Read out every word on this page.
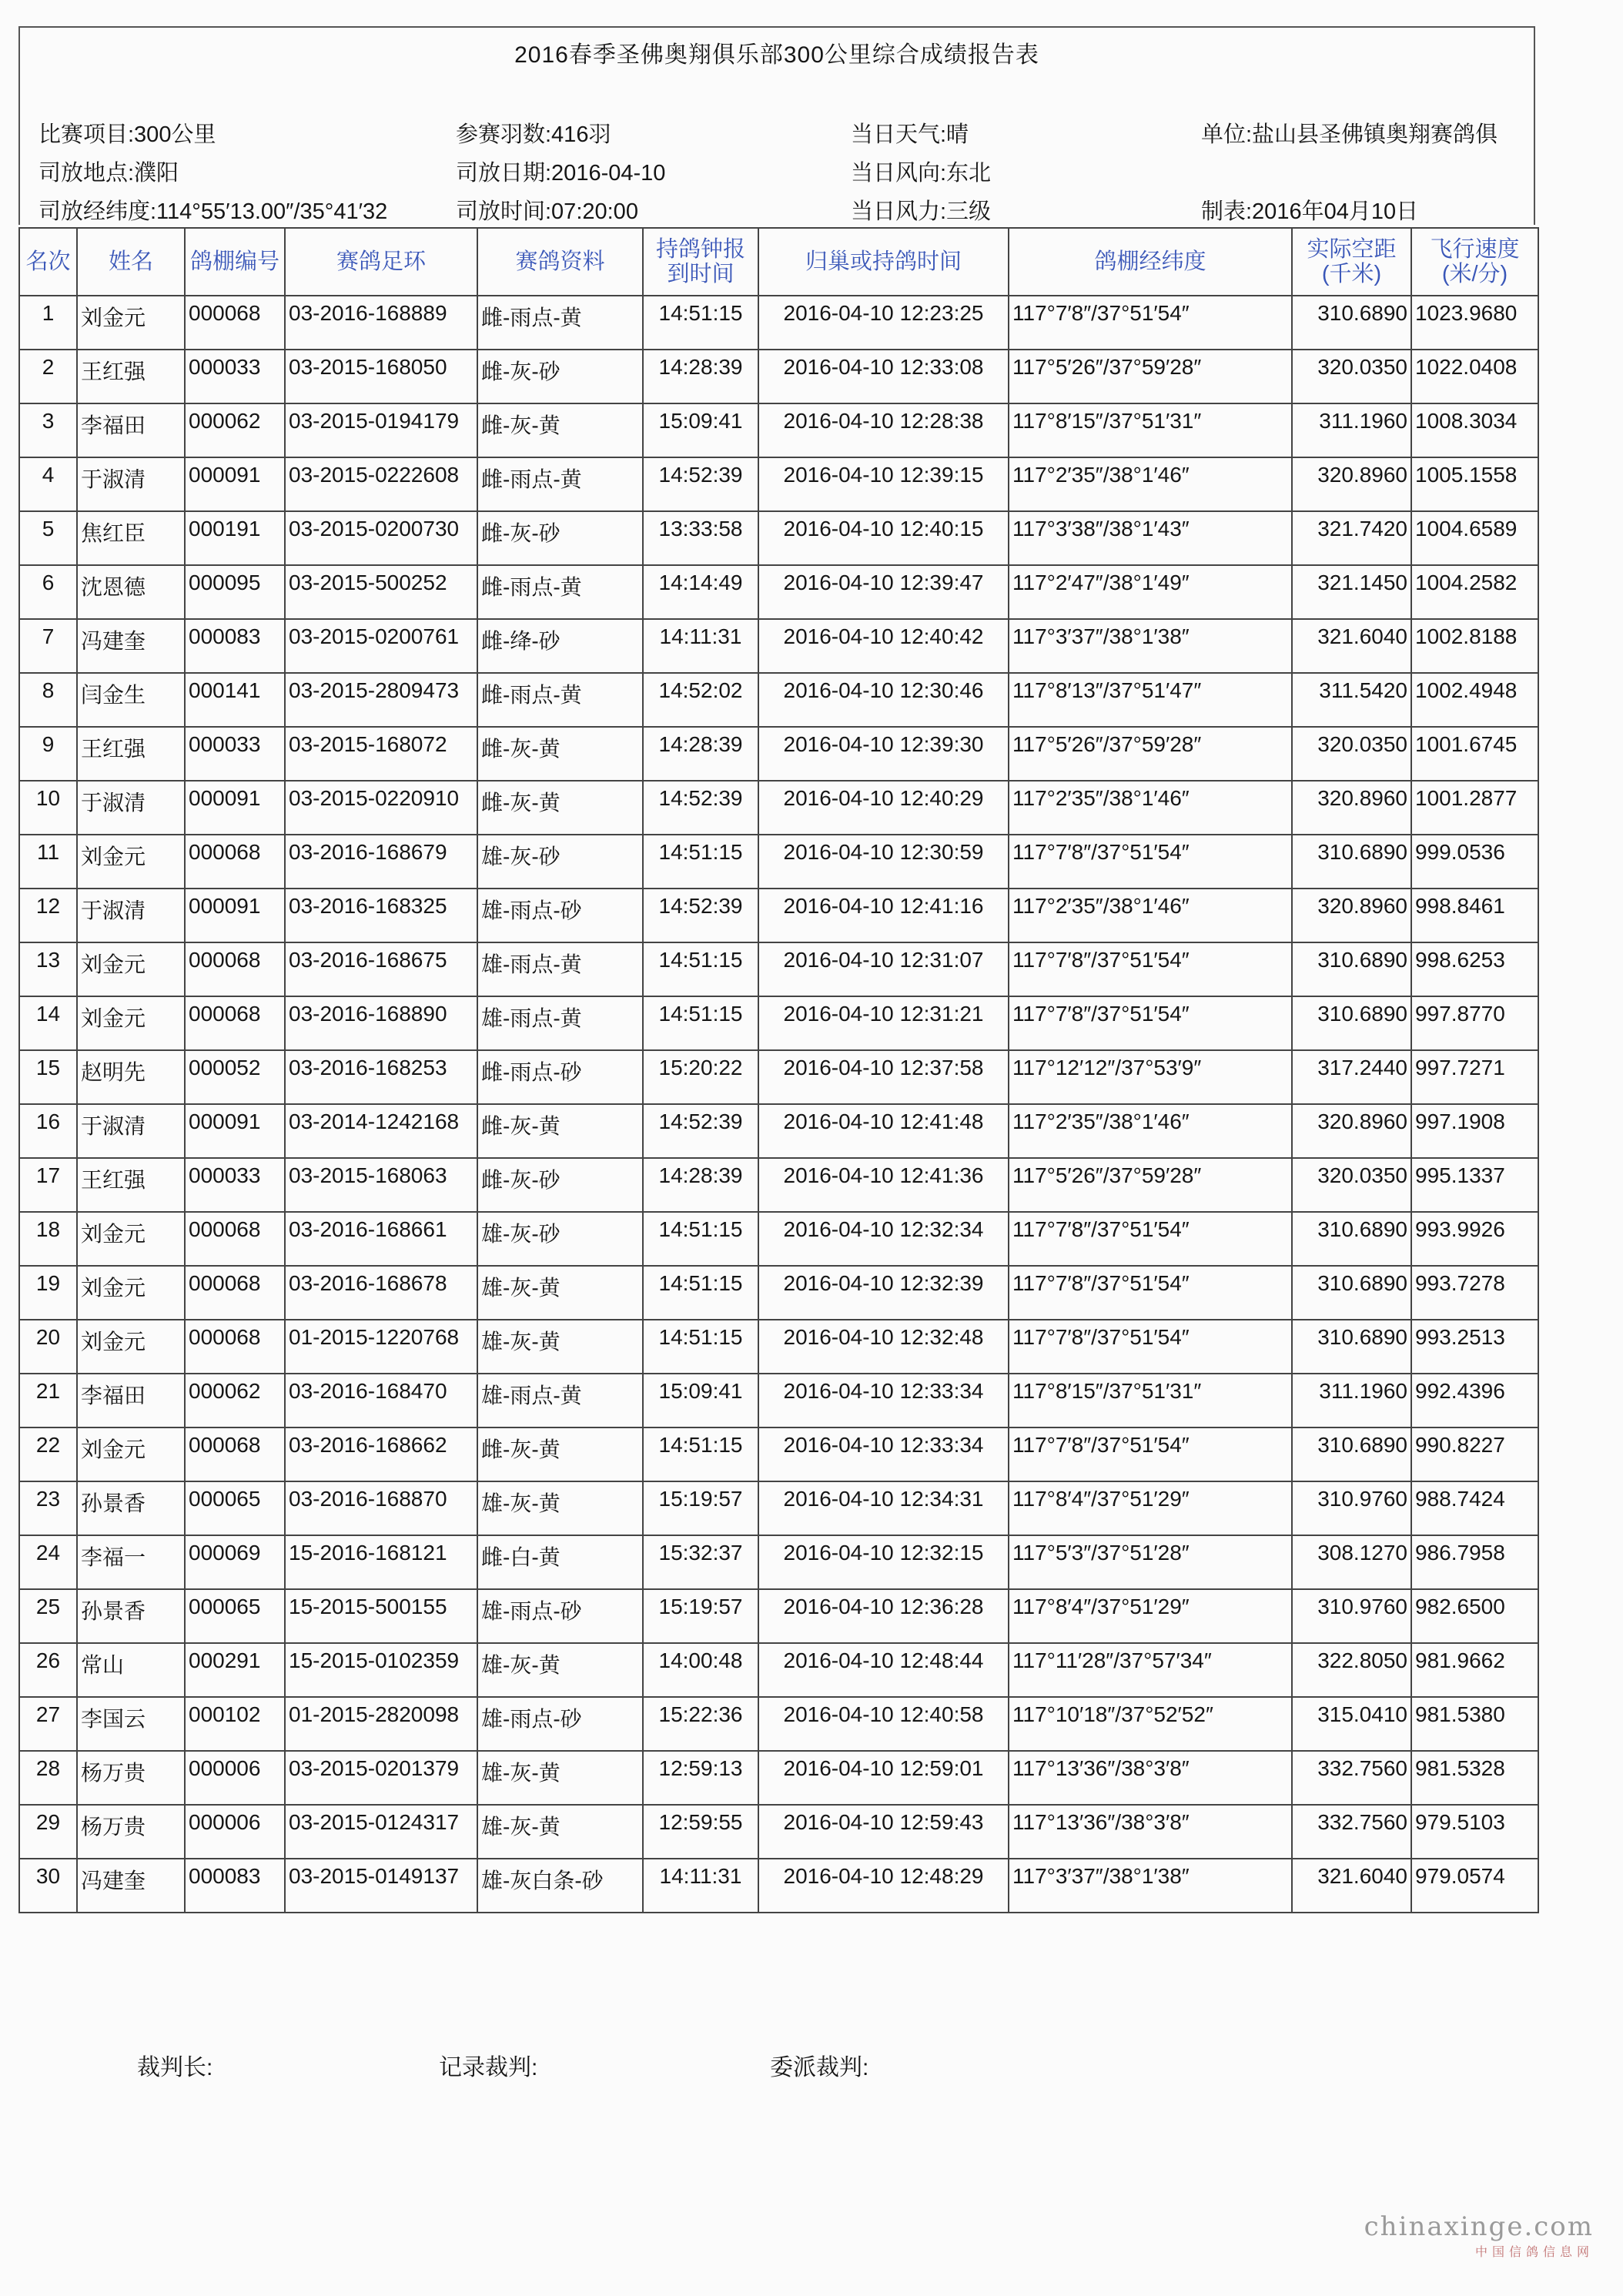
2016春季圣佛奥翔俱乐部300公里综合成绩报告表
比赛项目:300公里	参赛羽数:416羽	当日天气:晴	单位:盐山县圣佛镇奥翔赛鸽俱
司放地点:濮阳	司放日期:2016-04-10	当日风向:东北
司放经纬度:114°55′13.00″/35°41′32	司放时间:07:20:00	当日风力:三级	制表:2016年04月10日
名次	姓名	鸽棚编号	赛鸽足环	赛鸽资料	持鸽钟报到时间	归巢或持鸽时间	鸽棚经纬度	实际空距(千米)	飞行速度(米/分)
1	刘金元	000068	03-2016-168889	雌-雨点-黄	14:51:15	2016-04-10 12:23:25	117°7′8″/37°51′54″	310.6890	1023.9680
2	王红强	000033	03-2015-168050	雌-灰-砂	14:28:39	2016-04-10 12:33:08	117°5′26″/37°59′28″	320.0350	1022.0408
3	李福田	000062	03-2015-0194179	雌-灰-黄	15:09:41	2016-04-10 12:28:38	117°8′15″/37°51′31″	311.1960	1008.3034
4	于淑清	000091	03-2015-0222608	雌-雨点-黄	14:52:39	2016-04-10 12:39:15	117°2′35″/38°1′46″	320.8960	1005.1558
5	焦红臣	000191	03-2015-0200730	雌-灰-砂	13:33:58	2016-04-10 12:40:15	117°3′38″/38°1′43″	321.7420	1004.6589
6	沈恩德	000095	03-2015-500252	雌-雨点-黄	14:14:49	2016-04-10 12:39:47	117°2′47″/38°1′49″	321.1450	1004.2582
7	冯建奎	000083	03-2015-0200761	雌-绛-砂	14:11:31	2016-04-10 12:40:42	117°3′37″/38°1′38″	321.6040	1002.8188
8	闫金生	000141	03-2015-2809473	雌-雨点-黄	14:52:02	2016-04-10 12:30:46	117°8′13″/37°51′47″	311.5420	1002.4948
9	王红强	000033	03-2015-168072	雌-灰-黄	14:28:39	2016-04-10 12:39:30	117°5′26″/37°59′28″	320.0350	1001.6745
10	于淑清	000091	03-2015-0220910	雌-灰-黄	14:52:39	2016-04-10 12:40:29	117°2′35″/38°1′46″	320.8960	1001.2877
11	刘金元	000068	03-2016-168679	雄-灰-砂	14:51:15	2016-04-10 12:30:59	117°7′8″/37°51′54″	310.6890	999.0536
12	于淑清	000091	03-2016-168325	雄-雨点-砂	14:52:39	2016-04-10 12:41:16	117°2′35″/38°1′46″	320.8960	998.8461
13	刘金元	000068	03-2016-168675	雄-雨点-黄	14:51:15	2016-04-10 12:31:07	117°7′8″/37°51′54″	310.6890	998.6253
14	刘金元	000068	03-2016-168890	雄-雨点-黄	14:51:15	2016-04-10 12:31:21	117°7′8″/37°51′54″	310.6890	997.8770
15	赵明先	000052	03-2016-168253	雌-雨点-砂	15:20:22	2016-04-10 12:37:58	117°12′12″/37°53′9″	317.2440	997.7271
16	于淑清	000091	03-2014-1242168	雌-灰-黄	14:52:39	2016-04-10 12:41:48	117°2′35″/38°1′46″	320.8960	997.1908
17	王红强	000033	03-2015-168063	雌-灰-砂	14:28:39	2016-04-10 12:41:36	117°5′26″/37°59′28″	320.0350	995.1337
18	刘金元	000068	03-2016-168661	雄-灰-砂	14:51:15	2016-04-10 12:32:34	117°7′8″/37°51′54″	310.6890	993.9926
19	刘金元	000068	03-2016-168678	雄-灰-黄	14:51:15	2016-04-10 12:32:39	117°7′8″/37°51′54″	310.6890	993.7278
20	刘金元	000068	01-2015-1220768	雄-灰-黄	14:51:15	2016-04-10 12:32:48	117°7′8″/37°51′54″	310.6890	993.2513
21	李福田	000062	03-2016-168470	雄-雨点-黄	15:09:41	2016-04-10 12:33:34	117°8′15″/37°51′31″	311.1960	992.4396
22	刘金元	000068	03-2016-168662	雌-灰-黄	14:51:15	2016-04-10 12:33:34	117°7′8″/37°51′54″	310.6890	990.8227
23	孙景香	000065	03-2016-168870	雄-灰-黄	15:19:57	2016-04-10 12:34:31	117°8′4″/37°51′29″	310.9760	988.7424
24	李福一	000069	15-2016-168121	雌-白-黄	15:32:37	2016-04-10 12:32:15	117°5′3″/37°51′28″	308.1270	986.7958
25	孙景香	000065	15-2015-500155	雄-雨点-砂	15:19:57	2016-04-10 12:36:28	117°8′4″/37°51′29″	310.9760	982.6500
26	常山	000291	15-2015-0102359	雄-灰-黄	14:00:48	2016-04-10 12:48:44	117°11′28″/37°57′34″	322.8050	981.9662
27	李国云	000102	01-2015-2820098	雄-雨点-砂	15:22:36	2016-04-10 12:40:58	117°10′18″/37°52′52″	315.0410	981.5380
28	杨万贵	000006	03-2015-0201379	雄-灰-黄	12:59:13	2016-04-10 12:59:01	117°13′36″/38°3′8″	332.7560	981.5328
29	杨万贵	000006	03-2015-0124317	雄-灰-黄	12:59:55	2016-04-10 12:59:43	117°13′36″/38°3′8″	332.7560	979.5103
30	冯建奎	000083	03-2015-0149137	雄-灰白条-砂	14:11:31	2016-04-10 12:48:29	117°3′37″/38°1′38″	321.6040	979.0574
裁判长:	记录裁判:	委派裁判:
chinaxinge.com
中国信鸽信息网
